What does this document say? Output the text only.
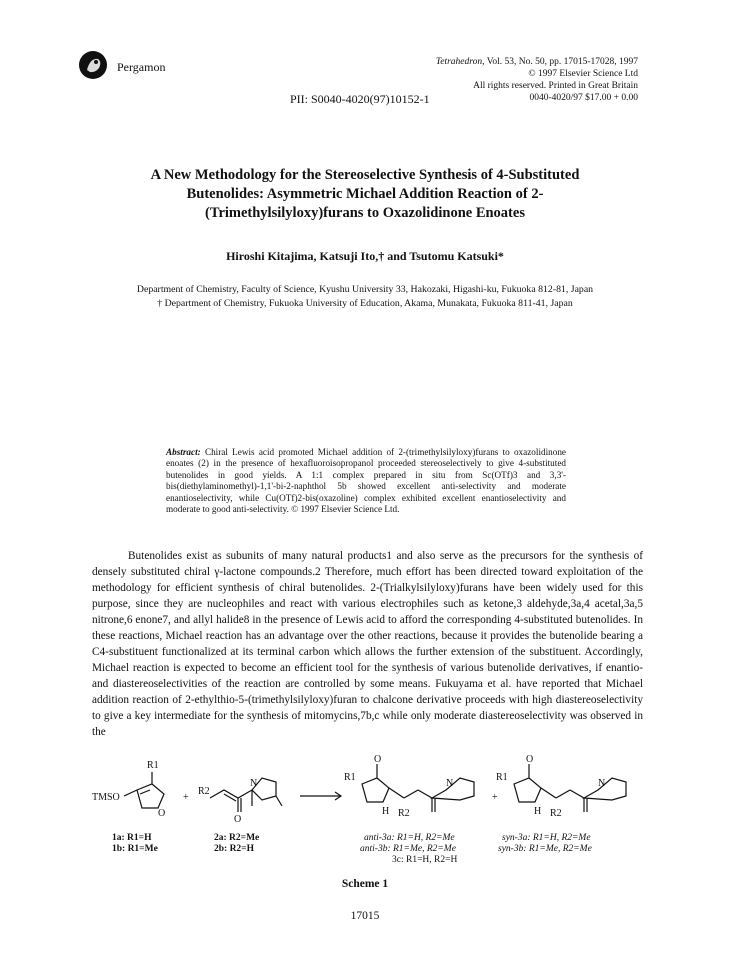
Pergamon
PII: S0040-4020(97)10152-1
Tetrahedron, Vol. 53, No. 50, pp. 17015-17028, 1997
© 1997 Elsevier Science Ltd
All rights reserved. Printed in Great Britain
0040-4020/97 $17.00 + 0.00
A New Methodology for the Stereoselective Synthesis of 4-Substituted
Butenolides: Asymmetric Michael Addition Reaction of 2-
(Trimethylsilyloxy)furans to Oxazolidinone Enoates
Hiroshi Kitajima, Katsuji Ito,† and Tsutomu Katsuki*
Department of Chemistry, Faculty of Science, Kyushu University 33, Hakozaki, Higashi-ku, Fukuoka 812-81, Japan
† Department of Chemistry, Fukuoka University of Education, Akama, Munakata, Fukuoka 811-41, Japan
Abstract: Chiral Lewis acid promoted Michael addition of 2-(trimethylsilyloxy)furans to oxazolidinone enoates (2) in the presence of hexafluoroisopropanol proceeded stereoselectively to give 4-substituted butenolides in good yields. A 1:1 complex prepared in situ from Sc(OTf)3 and 3,3'-bis(diethylaminomethyl)-1,1'-bi-2-naphthol 5b showed excellent anti-selectivity and moderate enantioselectivity, while Cu(OTf)2-bis(oxazoline) complex exhibited excellent enantioselectivity and moderate to good anti-selectivity. © 1997 Elsevier Science Ltd.

Butenolides exist as subunits of many natural products1 and also serve as the precursors for the synthesis of densely substituted chiral γ-lactone compounds.2 Therefore, much effort has been directed toward exploitation of the methodology for efficient synthesis of chiral butenolides. 2-(Trialkylsilyloxy)furans have been widely used for this purpose, since they are nucleophiles and react with various electrophiles such as ketone,3 aldehyde,3a,4 acetal,3a,5 nitrone,6 enone7, and allyl halide8 in the presence of Lewis acid to afford the corresponding 4-substituted butenolides. In these reactions, Michael reaction has an advantage over the other reactions, because it provides the butenolide bearing a C4-substituent functionalized at its terminal carbon which allows the further extension of the substituent. Accordingly, Michael reaction is expected to become an efficient tool for the synthesis of various butenolide derivatives, if enantio- and diastereoselectivities of the reaction are controlled by some means. Fukuyama et al. have reported that Michael addition reaction of 2-ethylthio-5-(trimethylsilyloxy)furan to chalcone derivative proceeds with high diastereoselectivity to give a key intermediate for the synthesis of mitomycins,7b,c while only moderate diastereoselectivity was observed in the

R1
TMSO
O
+
R2
N
O
R1
O
H R2
N
+
R1
O
H R2
N
1a: R1=H
1b: R1=Me
2a: R2=Me
2b: R2=H
anti-3a: R1=H, R2=Me
anti-3b: R1=Me, R2=Me
3c: R1=H, R2=H
syn-3a: R1=H, R2=Me
syn-3b: R1=Me, R2=Me
Scheme 1
17015
